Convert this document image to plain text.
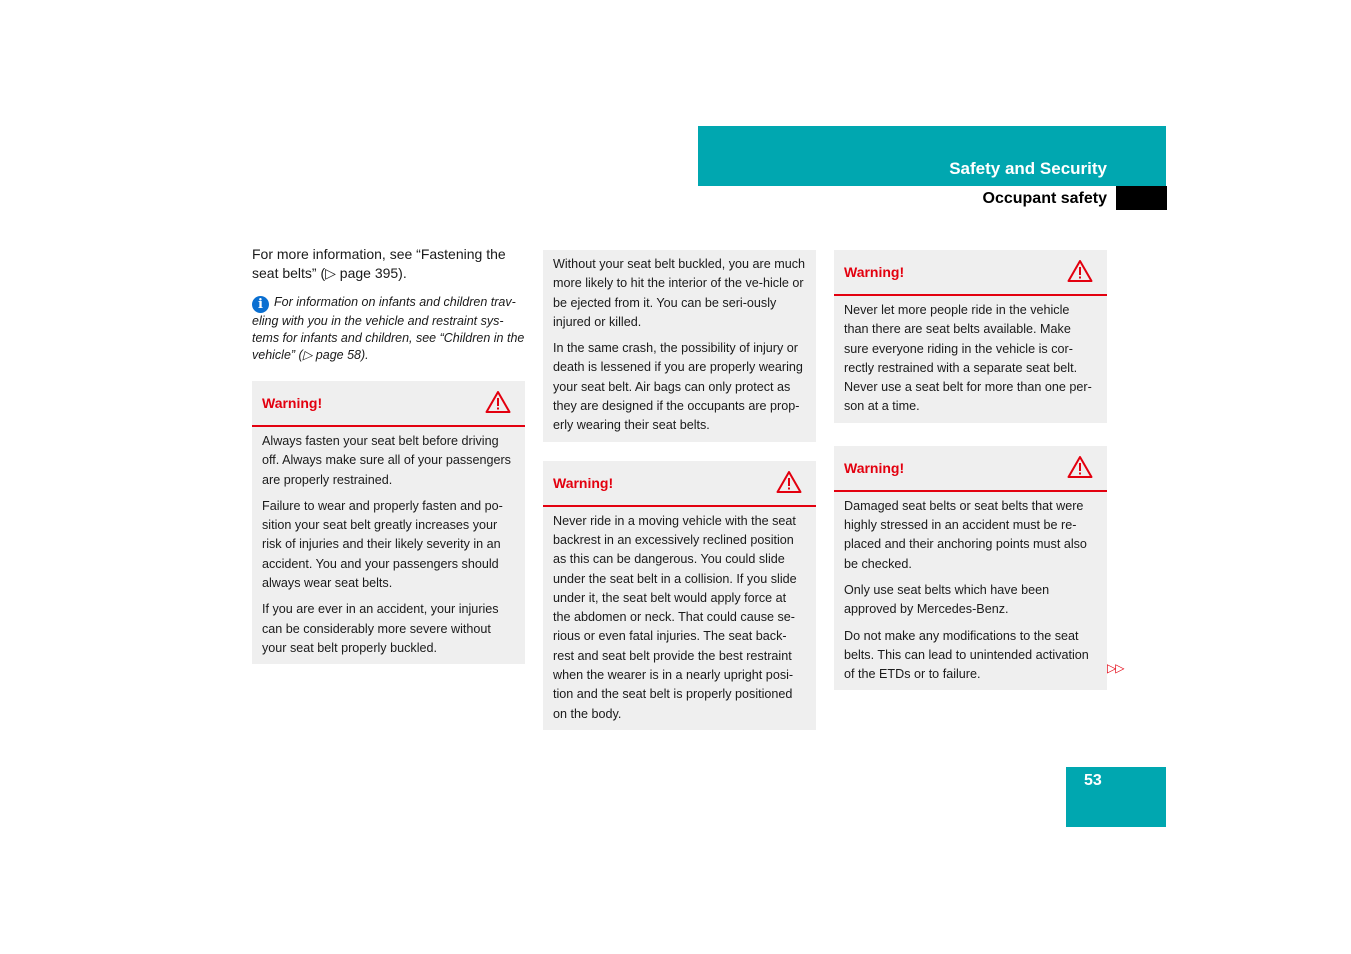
Safety and Security
Occupant safety

For more information, see “Fastening the seat belts” (▷ page 395).

i For information on infants and children trav-eling with you in the vehicle and restraint sys-tems for infants and children, see “Children in the vehicle” (▷ page 58).
Warning!

Always fasten your seat belt before driving off. Always make sure all of your passengers are properly restrained.

Failure to wear and properly fasten and po-sition your seat belt greatly increases your risk of injuries and their likely severity in an accident. You and your passengers should always wear seat belts.

If you are ever in an accident, your injuries can be considerably more severe without your seat belt properly buckled.

Without your seat belt buckled, you are much more likely to hit the interior of the ve-hicle or be ejected from it. You can be seri-ously injured or killed.

In the same crash, the possibility of injury or death is lessened if you are properly wearing your seat belt. Air bags can only protect as they are designed if the occupants are prop-erly wearing their seat belts.

Warning!

Never ride in a moving vehicle with the seat backrest in an excessively reclined position as this can be dangerous. You could slide under the seat belt in a collision. If you slide under it, the seat belt would apply force at the abdomen or neck. That could cause se-rious or even fatal injuries. The seat back-rest and seat belt provide the best restraint when the wearer is in a nearly upright posi-tion and the seat belt is properly positioned on the body.

Warning!

Never let more people ride in the vehicle than there are seat belts available. Make sure everyone riding in the vehicle is cor-rectly restrained with a separate seat belt. Never use a seat belt for more than one per-son at a time.

Warning!

Damaged seat belts or seat belts that were highly stressed in an accident must be re-placed and their anchoring points must also be checked.

Only use seat belts which have been approved by Mercedes-Benz.

Do not make any modifications to the seat belts. This can lead to unintended activation of the ETDs or to failure.	▷▷
53
